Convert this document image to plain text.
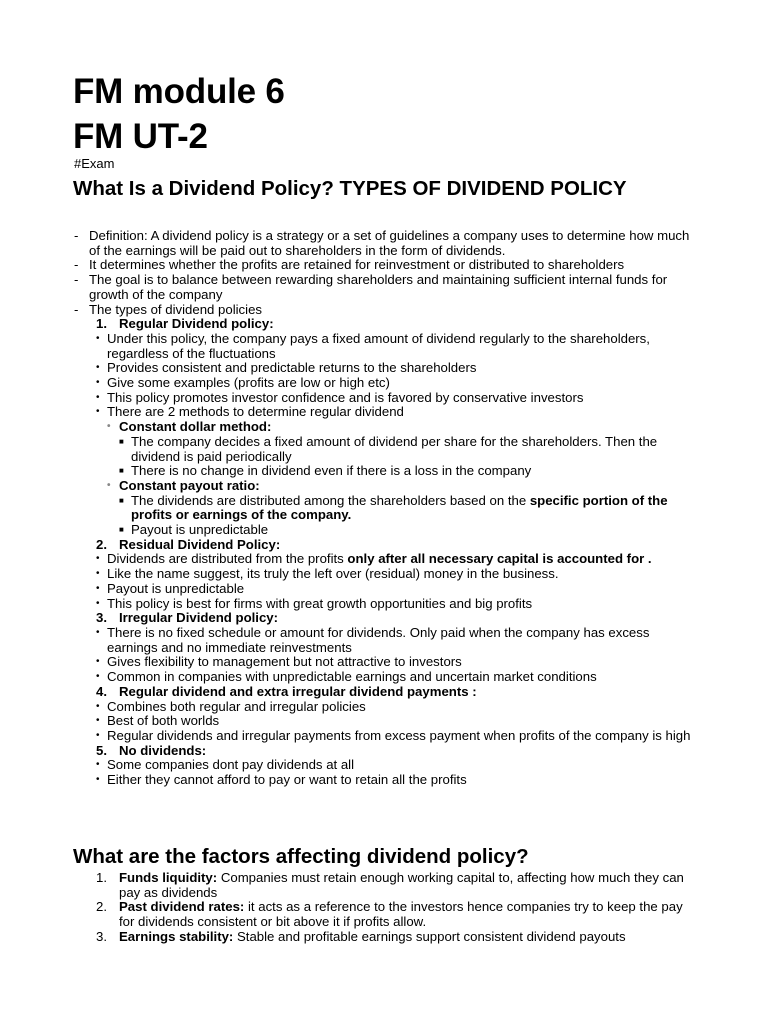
FM module 6
FM UT-2
#Exam
What Is a Dividend Policy? TYPES OF DIVIDEND POLICY
- Definition: A dividend policy is a strategy or a set of guidelines a company uses to determine how much of the earnings will be paid out to shareholders in the form of dividends.
- It determines whether the profits are retained for reinvestment or distributed to shareholders
- The goal is to balance between rewarding shareholders and maintaining sufficient internal funds for growth of the company
- The types of dividend policies
1. Regular Dividend policy:
• Under this policy, the company pays a fixed amount of dividend regularly to the shareholders, regardless of the fluctuations
• Provides consistent and predictable returns to the shareholders
• Give some examples (profits are low or high etc)
• This policy promotes investor confidence and is favored by conservative investors
• There are 2 methods to determine regular dividend
• Constant dollar method:
■ The company decides a fixed amount of dividend per share for the shareholders. Then the dividend is paid periodically
■ There is no change in dividend even if there is a loss in the company
• Constant payout ratio:
■ The dividends are distributed among the shareholders based on the specific portion of the profits or earnings of the company.
■ Payout is unpredictable
2. Residual Dividend Policy:
• Dividends are distributed from the profits only after all necessary capital is accounted for .
• Like the name suggest, its truly the left over (residual) money in the business.
• Payout is unpredictable
• This policy is best for firms with great growth opportunities and big profits
3. Irregular Dividend policy:
• There is no fixed schedule or amount for dividends. Only paid when the company has excess earnings and no immediate reinvestments
• Gives flexibility to management but not attractive to investors
• Common in companies with unpredictable earnings and uncertain market conditions
4. Regular dividend and extra irregular dividend payments :
• Combines both regular and irregular policies
• Best of both worlds
• Regular dividends and irregular payments from excess payment when profits of the company is high
5. No dividends:
• Some companies dont pay dividends at all
• Either they cannot afford to pay or want to retain all the profits
What are the factors affecting dividend policy?
1. Funds liquidity: Companies must retain enough working capital to, affecting how much they can pay as dividends
2. Past dividend rates: it acts as a reference to the investors hence companies try to keep the pay for dividends consistent or bit above it if profits allow.
3. Earnings stability: Stable and profitable earnings support consistent dividend payouts
